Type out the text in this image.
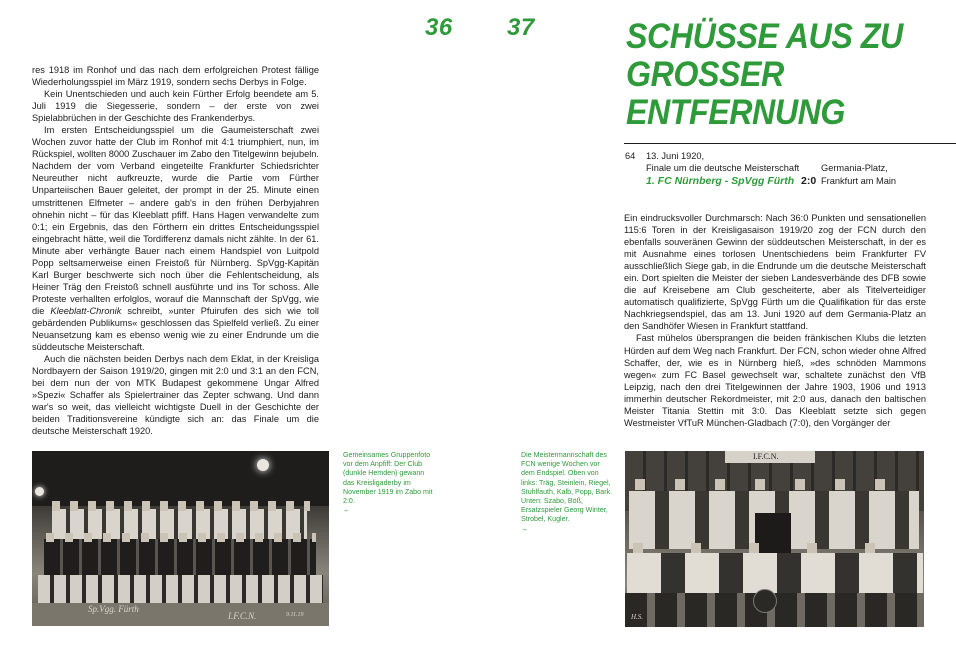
36 37

res 1918 im Ronhof und das nach dem erfolgreichen Protest fällige Wiederholungsspiel im März 1919, sondern sechs Derbys in Folge.

Kein Unentschieden und auch kein Fürther Erfolg beendete am 5. Juli 1919 die Siegesserie, sondern – der erste von zwei Spielabbrüchen in der Geschichte des Frankenderbys.

Im ersten Entscheidungsspiel um die Gaumeisterschaft zwei Wochen zuvor hatte der Club im Ronhof mit 4:1 triumphiert, nun, im Rückspiel, wollten 8000 Zuschauer im Zabo den Titelgewinn bejubeln. Nachdem der vom Verband eingeteilte Frankfurter Schiedsrichter Neureuther nicht aufkreuzte, wurde die Partie vom Fürther Unparteiischen Bauer geleitet, der prompt in der 25. Minute einen umstrittenen Elfmeter – andere gab's in den frühen Derbyjahren ohnehin nicht – für das Kleeblatt pfiff. Hans Hagen verwandelte zum 0:1; ein Ergebnis, das den Förthern ein drittes Entscheidungsspiel eingebracht hätte, weil die Tordifferenz damals nicht zählte. In der 61. Minute aber verhängte Bauer nach einem Handspiel von Luitpold Popp seltsamerweise einen Freistoß für Nürnberg. SpVgg-Kapitän Karl Burger beschwerte sich noch über die Fehlentscheidung, als Heiner Träg den Freistoß schnell ausführte und ins Tor schoss. Alle Proteste verhallten erfolglos, worauf die Mannschaft der SpVgg, wie die Kleeblatt-Chronik schreibt, »unter Pfuirufen des sich wie toll gebärdenden Publikums« geschlossen das Spielfeld verließ. Zu einer Neuansetzung kam es ebenso wenig wie zu einer Endrunde um die süddeutsche Meisterschaft.

Auch die nächsten beiden Derbys nach dem Eklat, in der Kreisliga Nordbayern der Saison 1919/20, gingen mit 2:0 und 3:1 an den FCN, bei dem nun der von MTK Budapest gekommene Ungar Alfred »Spezi« Schaffer als Spielertrainer das Zepter schwang. Und dann war's so weit, das vielleicht wichtigste Duell in der Geschichte der beiden Traditionsvereine kündigte sich an: das Finale um die deutsche Meisterschaft 1920.

SCHÜSSE AUS ZU GROSSER ENTFERNUNG
64 13. Juni 1920,
Finale um die deutsche Meisterschaft
1. FC Nürnberg - SpVgg Fürth 2:0
Germania-Platz,
Frankfurt am Main

Ein eindrucksvoller Durchmarsch: Nach 36:0 Punkten und sensationellen 115:6 Toren in der Kreisligasaison 1919/20 zog der FCN durch den ebenfalls souveränen Gewinn der süddeutschen Meisterschaft, in der es mit Ausnahme eines torlosen Unentschiedens beim Frankfurter FV ausschließlich Siege gab, in die Endrunde um die deutsche Meisterschaft ein. Dort spielten die Meister der sieben Landesverbände des DFB sowie die auf Kreisebene am Club gescheiterte, aber als Titelverteidiger automatisch qualifizierte, SpVgg Fürth um die Qualifikation für das erste Nachkriegsendspiel, das am 13. Juni 1920 auf dem Germania-Platz an den Sandhöfer Wiesen in Frankfurt stattfand.

Fast mühelos übersprangen die beiden fränkischen Klubs die letzten Hürden auf dem Weg nach Frankfurt. Der FCN, schon wieder ohne Alfred Schaffer, der, wie es in Nürnberg hieß, »des schnöden Mammons wegen« zum FC Basel gewechselt war, schaltete zunächst den VfB Leipzig, nach den drei Titelgewinnen der Jahre 1903, 1906 und 1913 immerhin deutscher Rekordmeister, mit 2:0 aus, danach den baltischen Meister Titania Stettin mit 3:0. Das Kleeblatt setzte sich gegen Westmeister VfTuR München-Gladbach (7:0), den Vorgänger der

Sp.Vgg. Fürth
I.F.C.N.	9.11.19
Gemeinsames Gruppenfoto vor dem Anpfiff: Der Club (dunkle Hemden) gewann das Kreisligaderby im November 1919 im Zabo mit 2:0.
←
Die Meistermannschaft des FCN wenige Wochen vor dem Endspiel. Oben von links: Träg, Steinlein, Riegel, Stuhlfauth, Kalb, Popp, Bark. Unten: Szabo, Böß, Ersatzspieler Georg Winter, Strobel, Kugler.
→
I.F.C.N.
H.S.
